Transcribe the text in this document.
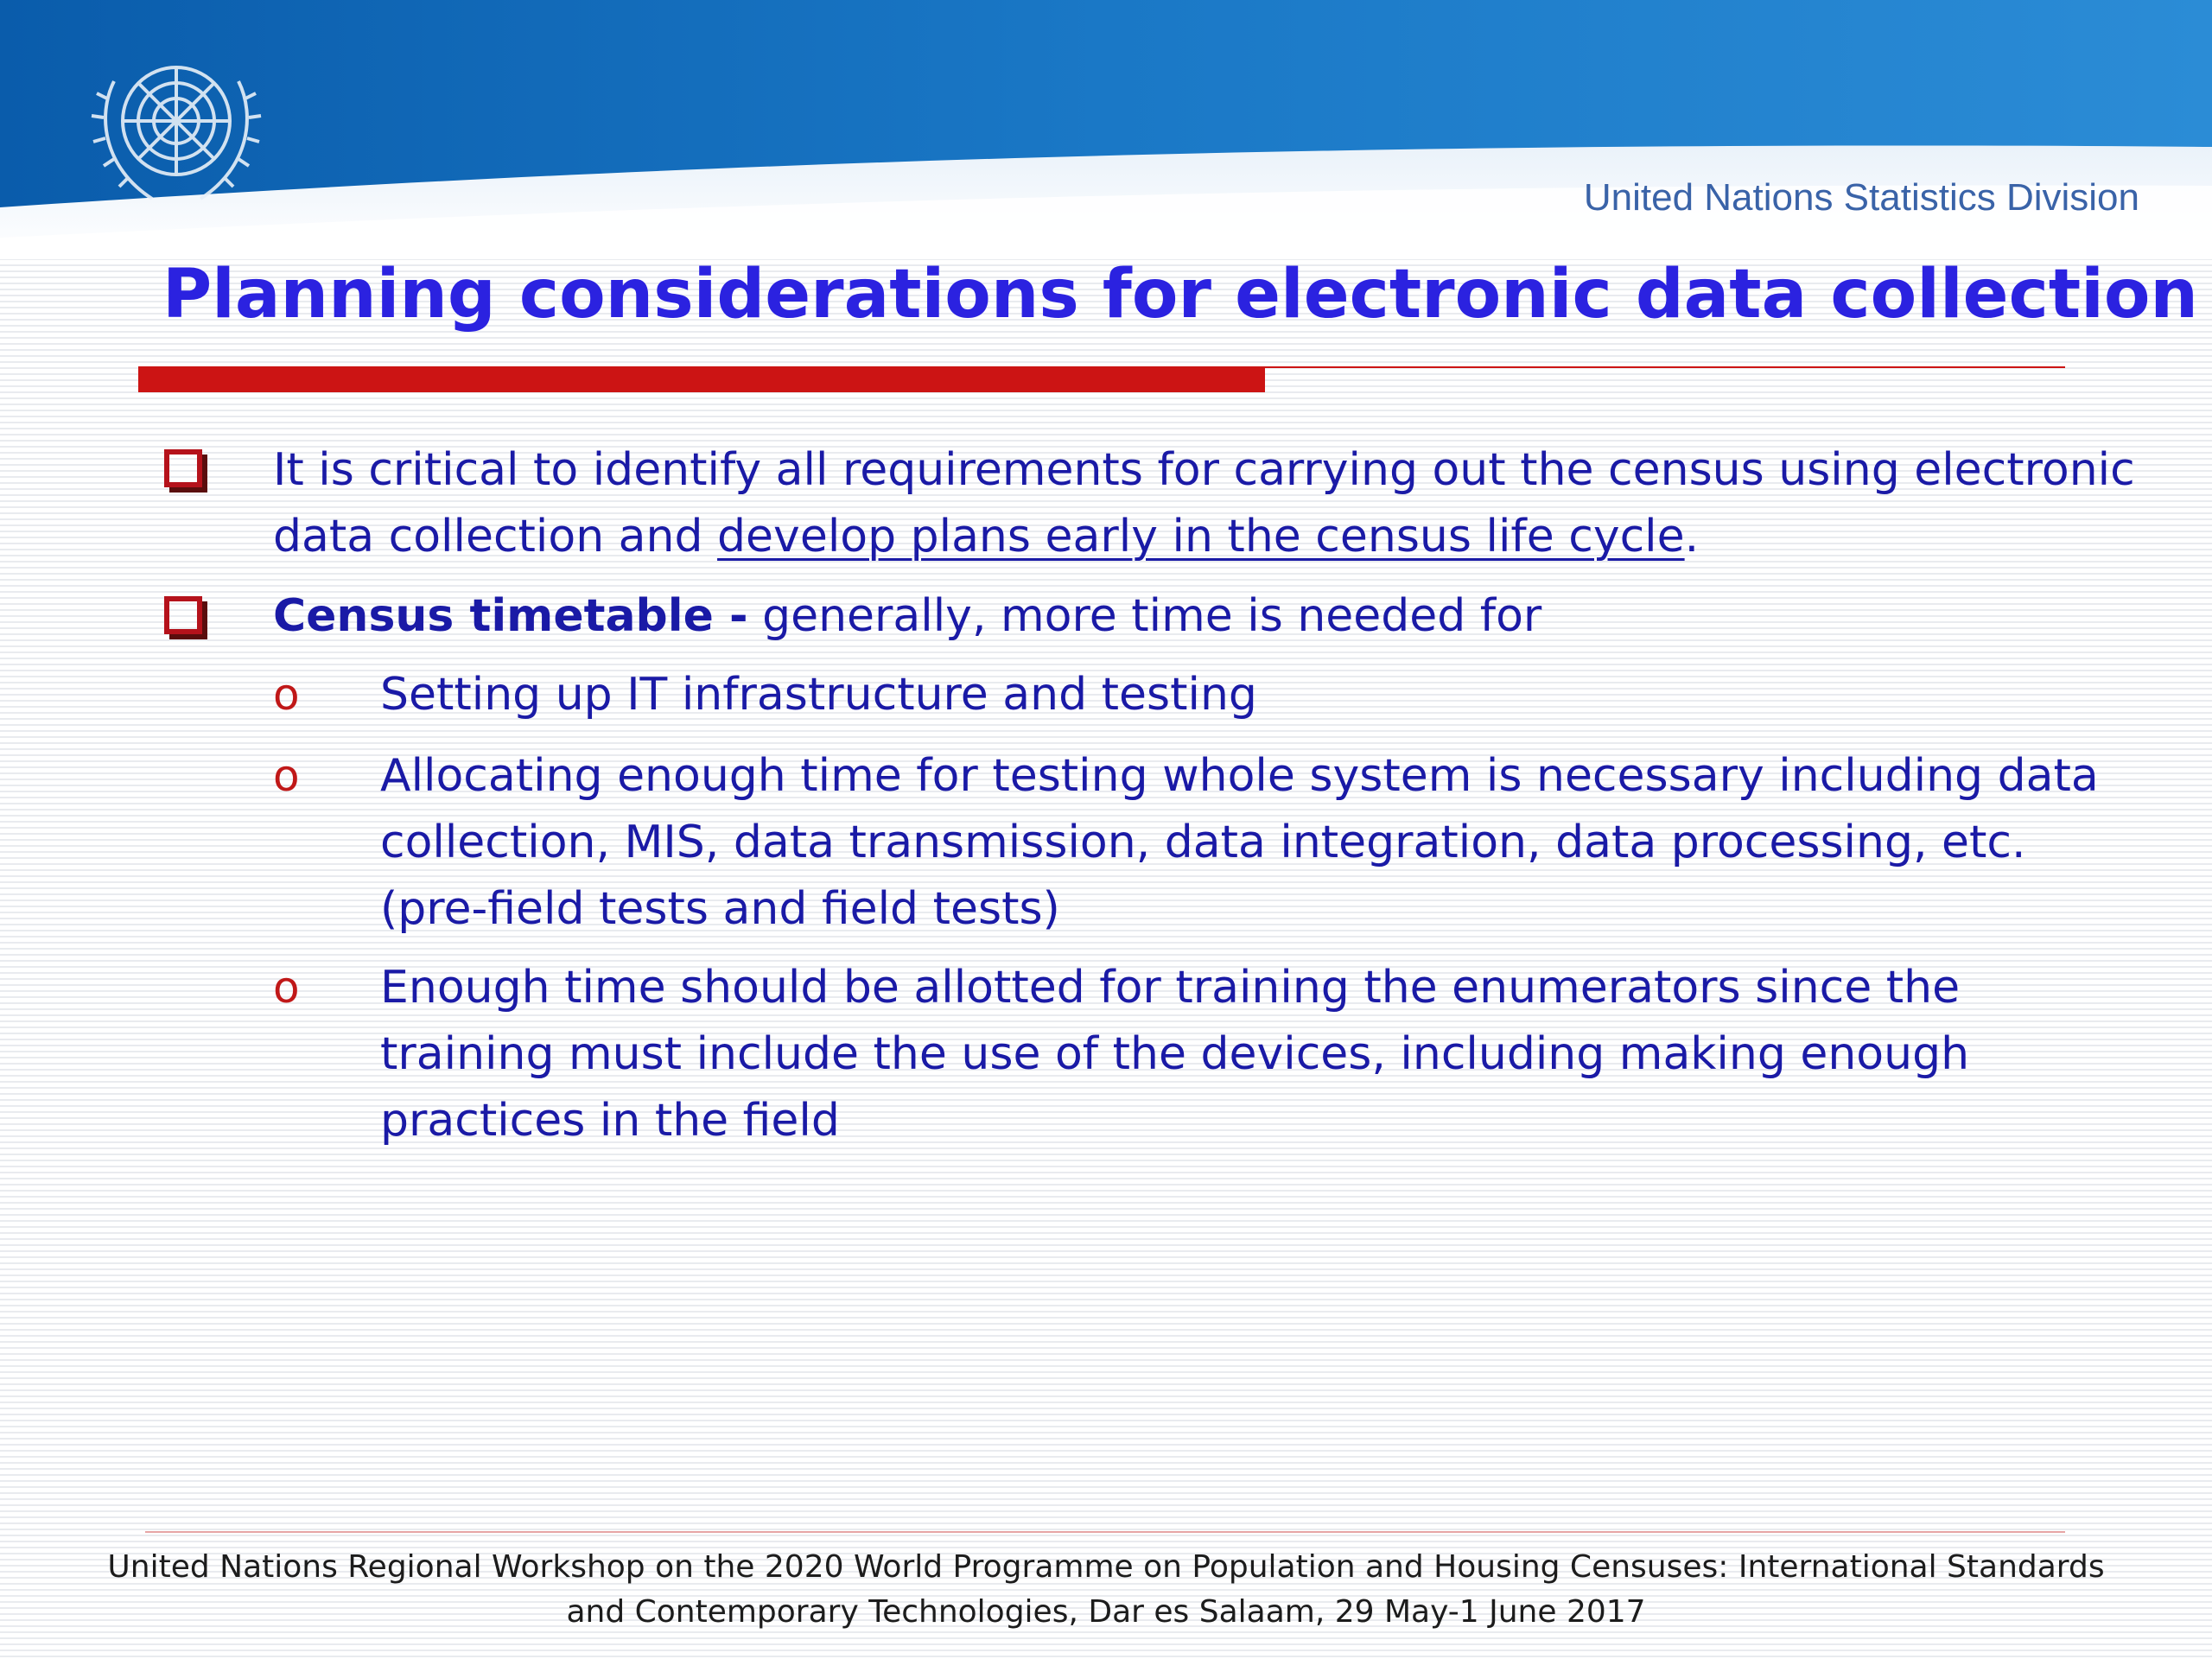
United Nations Statistics Division
Planning considerations for electronic data collection
It is critical to identify all requirements for carrying out the census using electronic
data collection and develop plans early in the census life cycle.
Census timetable - generally, more time is needed for
o Setting up IT infrastructure and testing
o Allocating enough time for testing whole system is necessary including data
collection, MIS, data transmission, data integration, data processing, etc.
(pre-field tests and field tests)
o Enough time should be allotted for training the enumerators since the
training must include the use of the devices, including making enough
practices in the field
United Nations Regional Workshop on the 2020 World Programme on Population and Housing Censuses: International Standards
and Contemporary Technologies, Dar es Salaam, 29 May-1 June 2017
